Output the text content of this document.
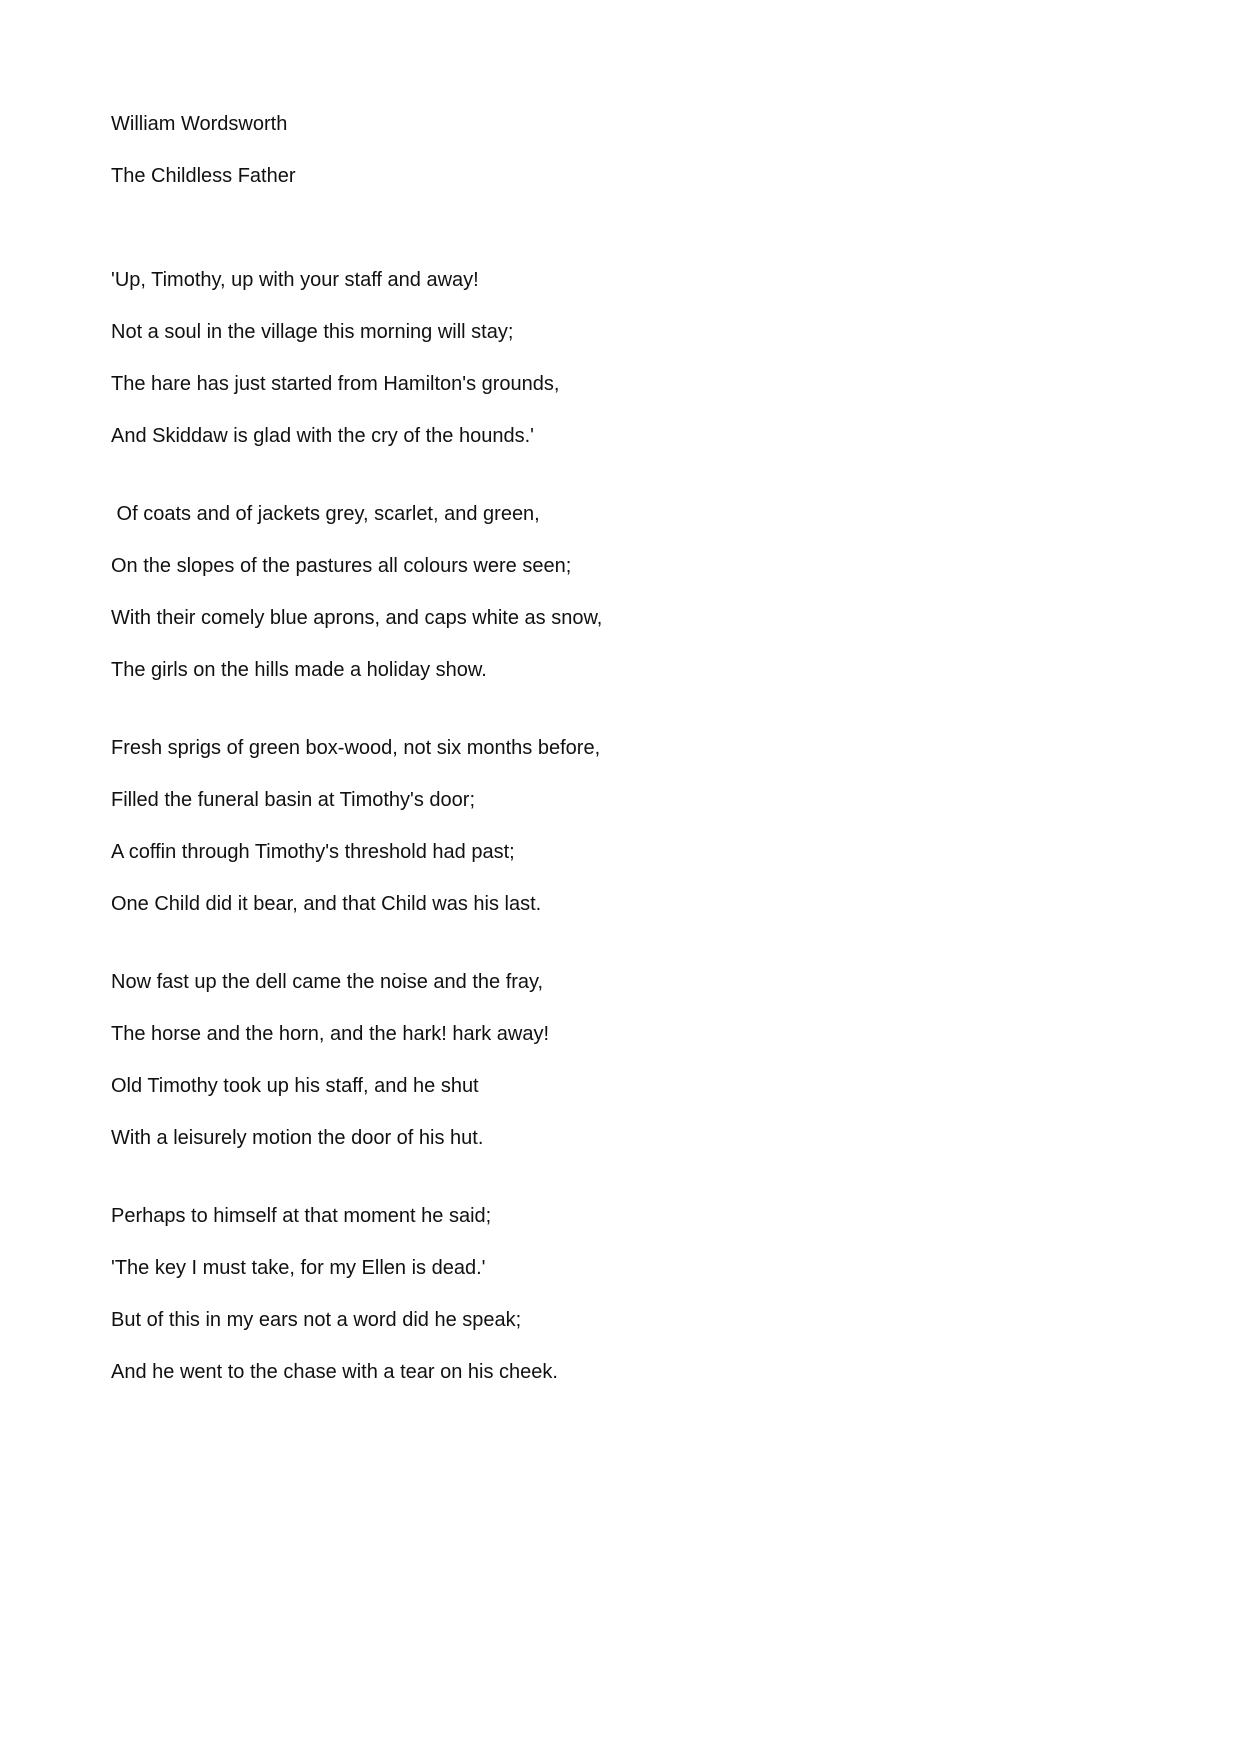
William Wordsworth
The Childless Father
'Up, Timothy, up with your staff and away!
Not a soul in the village this morning will stay;
The hare has just started from Hamilton's grounds,
And Skiddaw is glad with the cry of the hounds.'
Of coats and of jackets grey, scarlet, and green,
On the slopes of the pastures all colours were seen;
With their comely blue aprons, and caps white as snow,
The girls on the hills made a holiday show.
Fresh sprigs of green box-wood, not six months before,
Filled the funeral basin at Timothy's door;
A coffin through Timothy's threshold had past;
One Child did it bear, and that Child was his last.
Now fast up the dell came the noise and the fray,
The horse and the horn, and the hark! hark away!
Old Timothy took up his staff, and he shut
With a leisurely motion the door of his hut.
Perhaps to himself at that moment he said;
'The key I must take, for my Ellen is dead.'
But of this in my ears not a word did he speak;
And he went to the chase with a tear on his cheek.
